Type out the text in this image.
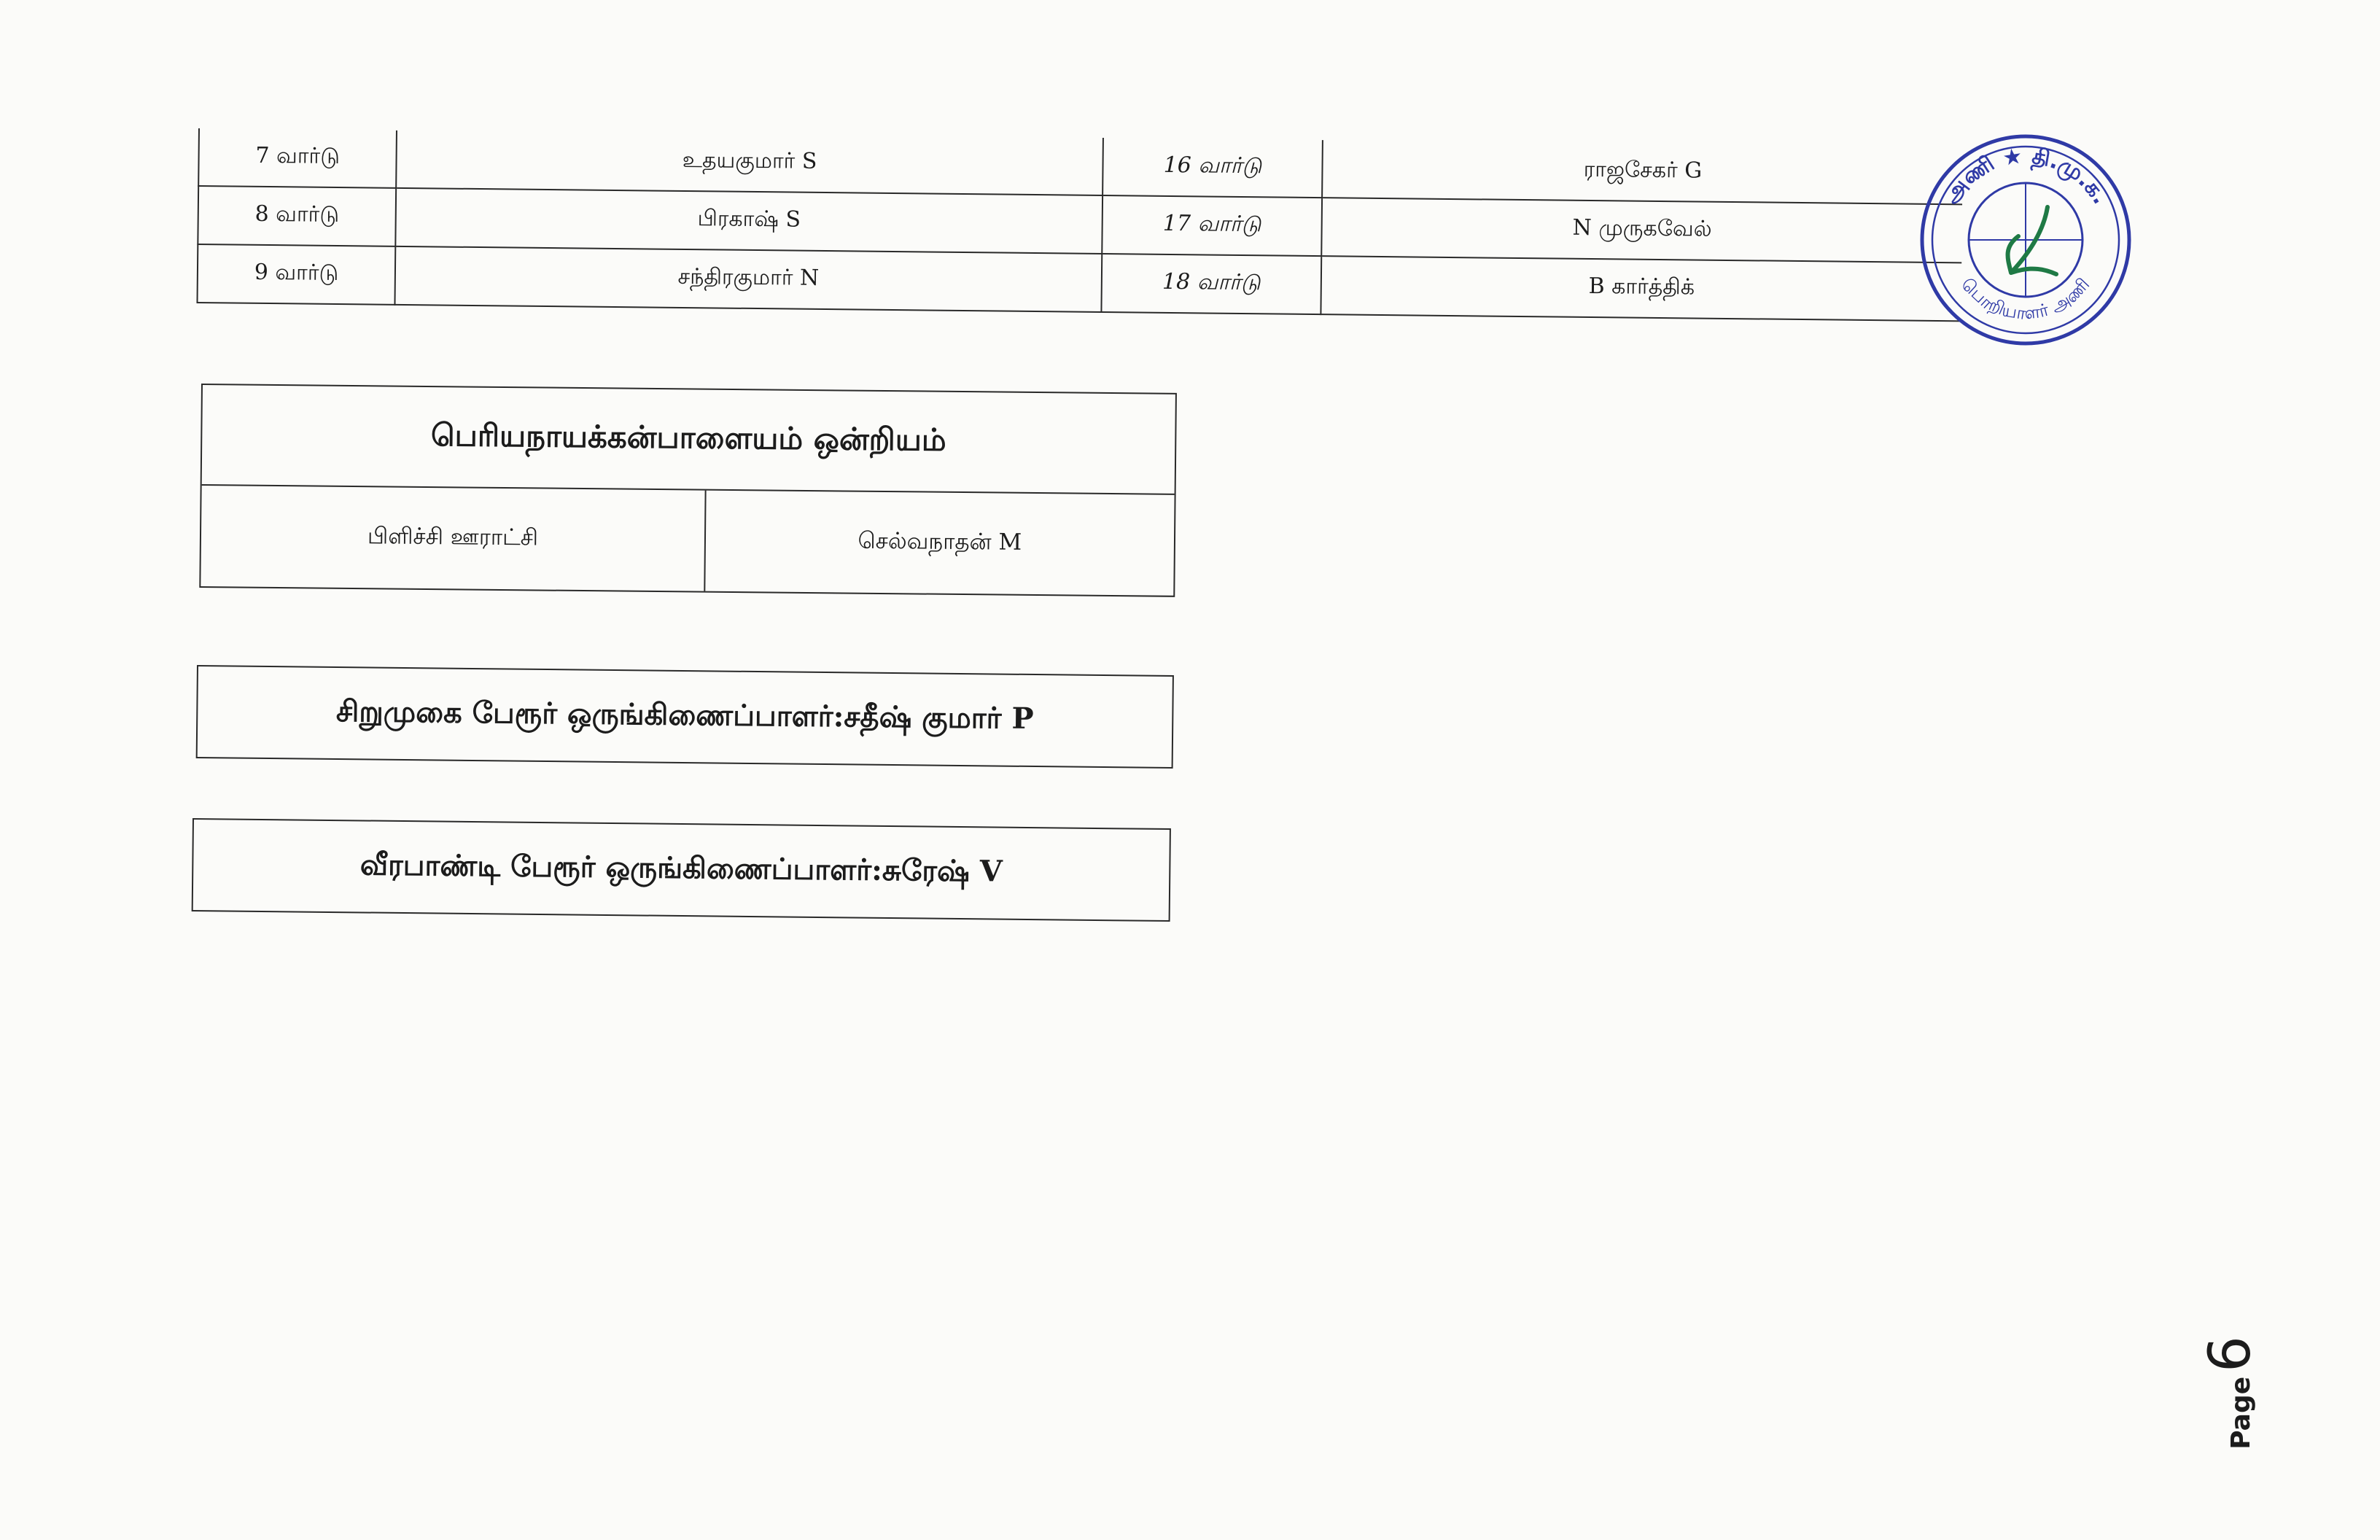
7 வார்டு	உதயகுமார் S	16 வார்டு	ராஜசேகர் G
8 வார்டு	பிரகாஷ் S	17 வார்டு	N முருகவேல்
9 வார்டு	சந்திரகுமார் N	18 வார்டு	B கார்த்திக்
அணி ★ தி.மு.க.
பொறியாளர் அணி
பெரியநாயக்கன்பாளையம் ஒன்றியம்
பிளிச்சி ஊராட்சி	செல்வநாதன் M
சிறுமுகை பேரூர் ஒருங்கிணைப்பாளர்:சதீஷ் குமார் P
வீரபாண்டி பேரூர் ஒருங்கிணைப்பாளர்:சுரேஷ் V
Page
6
